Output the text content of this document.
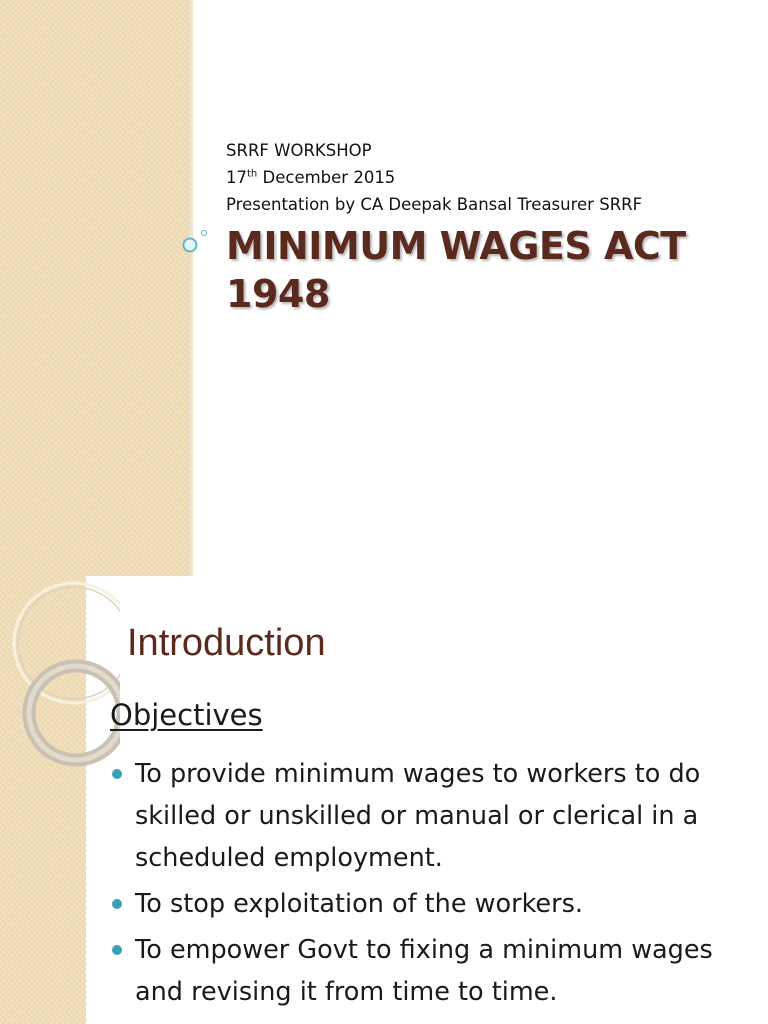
SRRF WORKSHOP
17th December 2015
Presentation by CA Deepak Bansal Treasurer SRRF
MINIMUM WAGES ACT
1948
Introduction
Objectives
To provide minimum wages to workers to do skilled or unskilled or manual or clerical in a scheduled employment.
To stop exploitation of the workers.
To empower Govt to fixing a minimum wages and revising it from time to time.
